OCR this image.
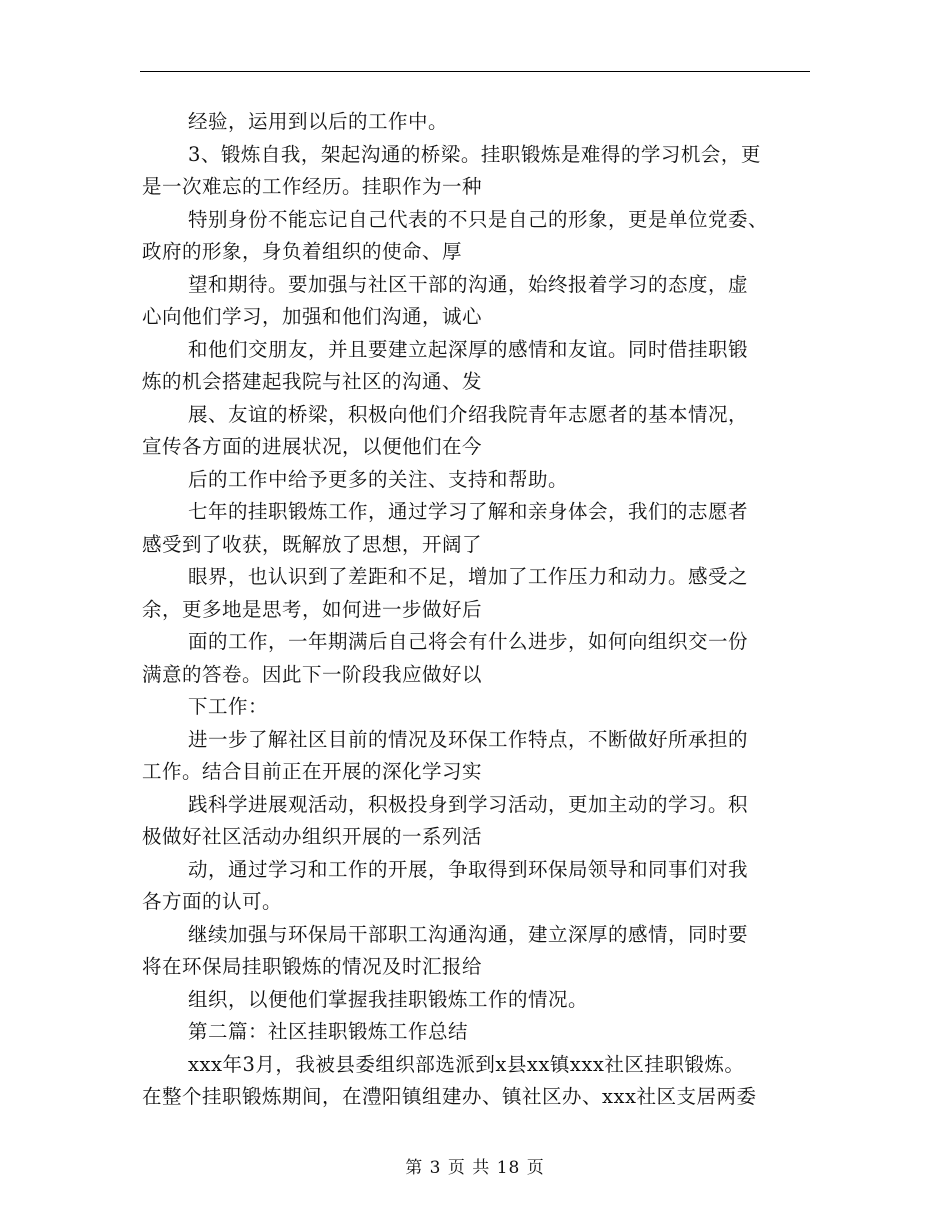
经验，运用到以后的工作中。
3、锻炼自我，架起沟通的桥梁。挂职锻炼是难得的学习机会，更
是一次难忘的工作经历。挂职作为一种
特别身份不能忘记自己代表的不只是自己的形象，更是单位党委、
政府的形象，身负着组织的使命、厚
望和期待。要加强与社区干部的沟通，始终报着学习的态度，虚
心向他们学习，加强和他们沟通，诚心
和他们交朋友，并且要建立起深厚的感情和友谊。同时借挂职锻
炼的机会搭建起我院与社区的沟通、发
展、友谊的桥梁，积极向他们介绍我院青年志愿者的基本情况，
宣传各方面的进展状况，以便他们在今
后的工作中给予更多的关注、支持和帮助。
七年的挂职锻炼工作，通过学习了解和亲身体会，我们的志愿者
感受到了收获，既解放了思想，开阔了
眼界，也认识到了差距和不足，增加了工作压力和动力。感受之
余，更多地是思考，如何进一步做好后
面的工作，一年期满后自己将会有什么进步，如何向组织交一份
满意的答卷。因此下一阶段我应做好以
下工作：
进一步了解社区目前的情况及环保工作特点，不断做好所承担的
工作。结合目前正在开展的深化学习实
践科学进展观活动，积极投身到学习活动，更加主动的学习。积
极做好社区活动办组织开展的一系列活
动，通过学习和工作的开展，争取得到环保局领导和同事们对我
各方面的认可。
继续加强与环保局干部职工沟通沟通，建立深厚的感情，同时要
将在环保局挂职锻炼的情况及时汇报给
组织，以便他们掌握我挂职锻炼工作的情况。
第二篇：社区挂职锻炼工作总结
xxx年3月，我被县委组织部选派到x县xx镇xxx社区挂职锻炼。
在整个挂职锻炼期间，在澧阳镇组建办、镇社区办、xxx社区支居两委
第 3 页 共 18 页
